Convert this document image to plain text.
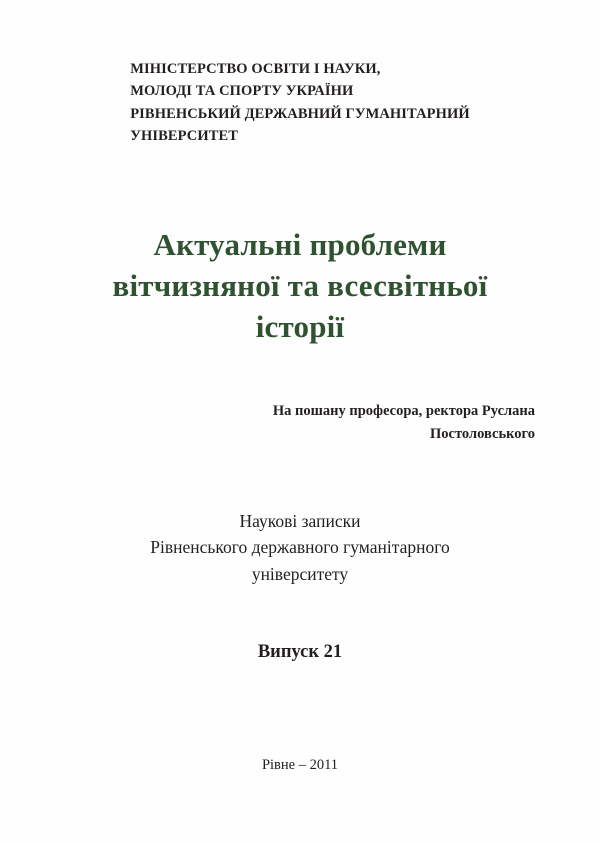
МІНІСТЕРСТВО ОСВІТИ І НАУКИ,
МОЛОДІ ТА СПОРТУ УКРАЇНИ
РІВНЕНСЬКИЙ ДЕРЖАВНИЙ ГУМАНІТАРНИЙ
УНІВЕРСИТЕТ
Актуальні проблеми
вітчизняної та всесвітньої
історії
На пошану професора, ректора Руслана
Постоловського
Наукові записки
Рівненського державного гуманітарного
університету
Випуск 21
Рівне – 2011
